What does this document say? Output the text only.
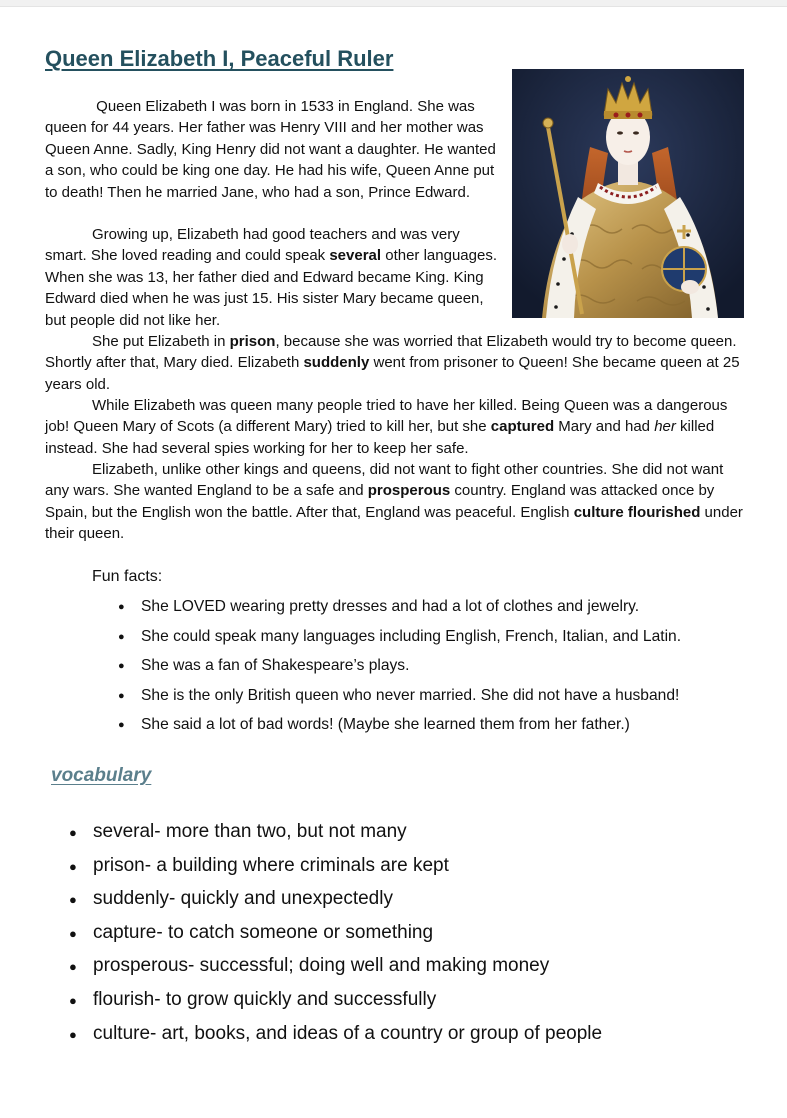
Queen Elizabeth I, Peaceful Ruler

Queen Elizabeth I was born in 1533 in England. She was queen for 44 years. Her father was Henry VIII and her mother was Queen Anne. Sadly, King Henry did not want a daughter. He wanted a son, who could be king one day. He had his wife, Queen Anne put to death! Then he married Jane, who had a son, Prince Edward.

Growing up, Elizabeth had good teachers and was very smart. She loved reading and could speak several other languages. When she was 13, her father died and Edward became King. King Edward died when he was just 15. His sister Mary became queen, but people did not like her.

She put Elizabeth in prison, because she was worried that Elizabeth would try to become queen. Shortly after that, Mary died. Elizabeth suddenly went from prisoner to Queen! She became queen at 25 years old.

While Elizabeth was queen many people tried to have her killed. Being Queen was a dangerous job! Queen Mary of Scots (a different Mary) tried to kill her, but she captured Mary and had her killed instead. She had several spies working for her to keep her safe.

Elizabeth, unlike other kings and queens, did not want to fight other countries. She did not want any wars. She wanted England to be a safe and prosperous country. England was attacked once by Spain, but the English won the battle. After that, England was peaceful. English culture flourished under their queen.

Fun facts:

● She LOVED wearing pretty dresses and had a lot of clothes and jewelry.
● She could speak many languages including English, French, Italian, and Latin.
● She was a fan of Shakespeare’s plays.
● She is the only British queen who never married. She did not have a husband!
● She said a lot of bad words! (Maybe she learned them from her father.)
vocabulary
● several- more than two, but not many
● prison- a building where criminals are kept
● suddenly- quickly and unexpectedly
● capture- to catch someone or something
● prosperous- successful; doing well and making money
● flourish- to grow quickly and successfully
● culture- art, books, and ideas of a country or group of people
